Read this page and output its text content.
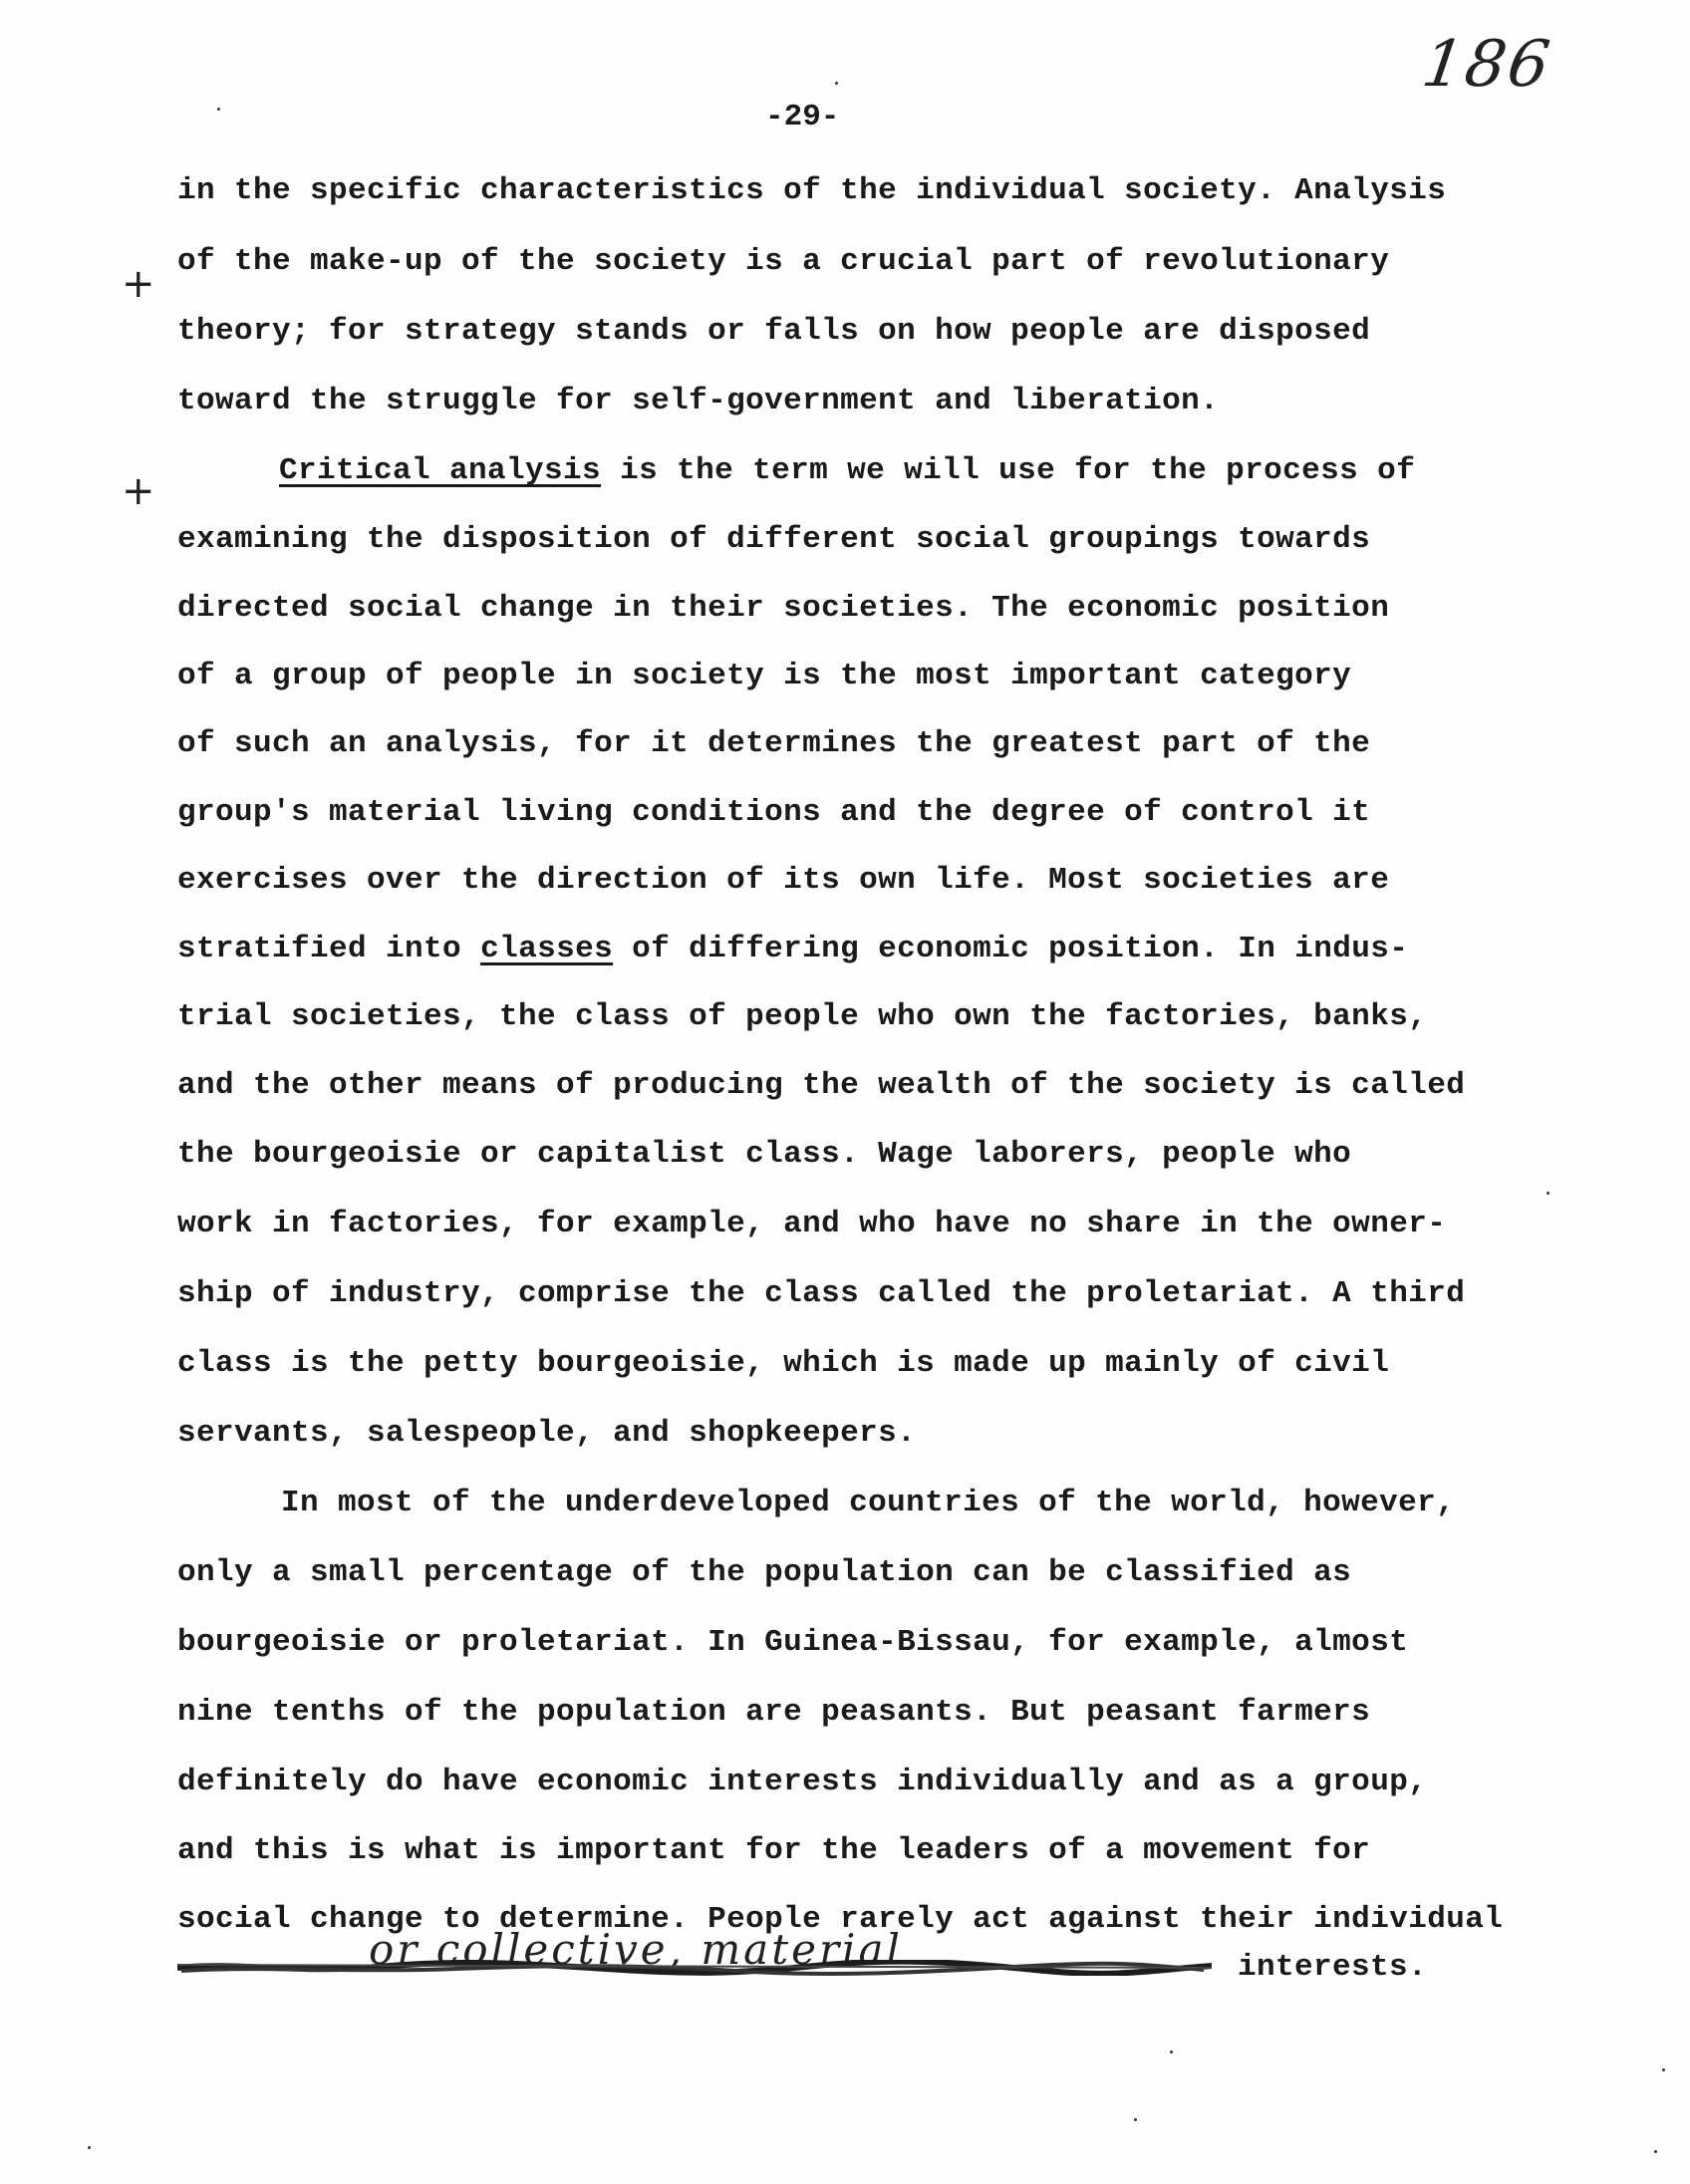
186
-29-
+
+
in the specific characteristics of the individual society. Analysis
of the make-up of the society is a crucial part of revolutionary
theory; for strategy stands or falls on how people are disposed
toward the struggle for self-government and liberation.
Critical analysis is the term we will use for the process of
examining the disposition of different social groupings towards
directed social change in their societies. The economic position
of a group of people in society is the most important category
of such an analysis, for it determines the greatest part of the
group's material living conditions and the degree of control it
exercises over the direction of its own life. Most societies are
stratified into classes of differing economic position. In indus-
trial societies, the class of people who own the factories, banks,
and the other means of producing the wealth of the society is called
the bourgeoisie or capitalist class. Wage laborers, people who
work in factories, for example, and who have no share in the owner-
ship of industry, comprise the class called the proletariat. A third
class is the petty bourgeoisie, which is made up mainly of civil
servants, salespeople, and shopkeepers.
In most of the underdeveloped countries of the world, however,
only a small percentage of the population can be classified as
bourgeoisie or proletariat. In Guinea-Bissau, for example, almost
nine tenths of the population are peasants. But peasant farmers
definitely do have economic interests individually and as a group,
and this is what is important for the leaders of a movement for
social change to determine. People rarely act against their individual
or collective, material	interests.
